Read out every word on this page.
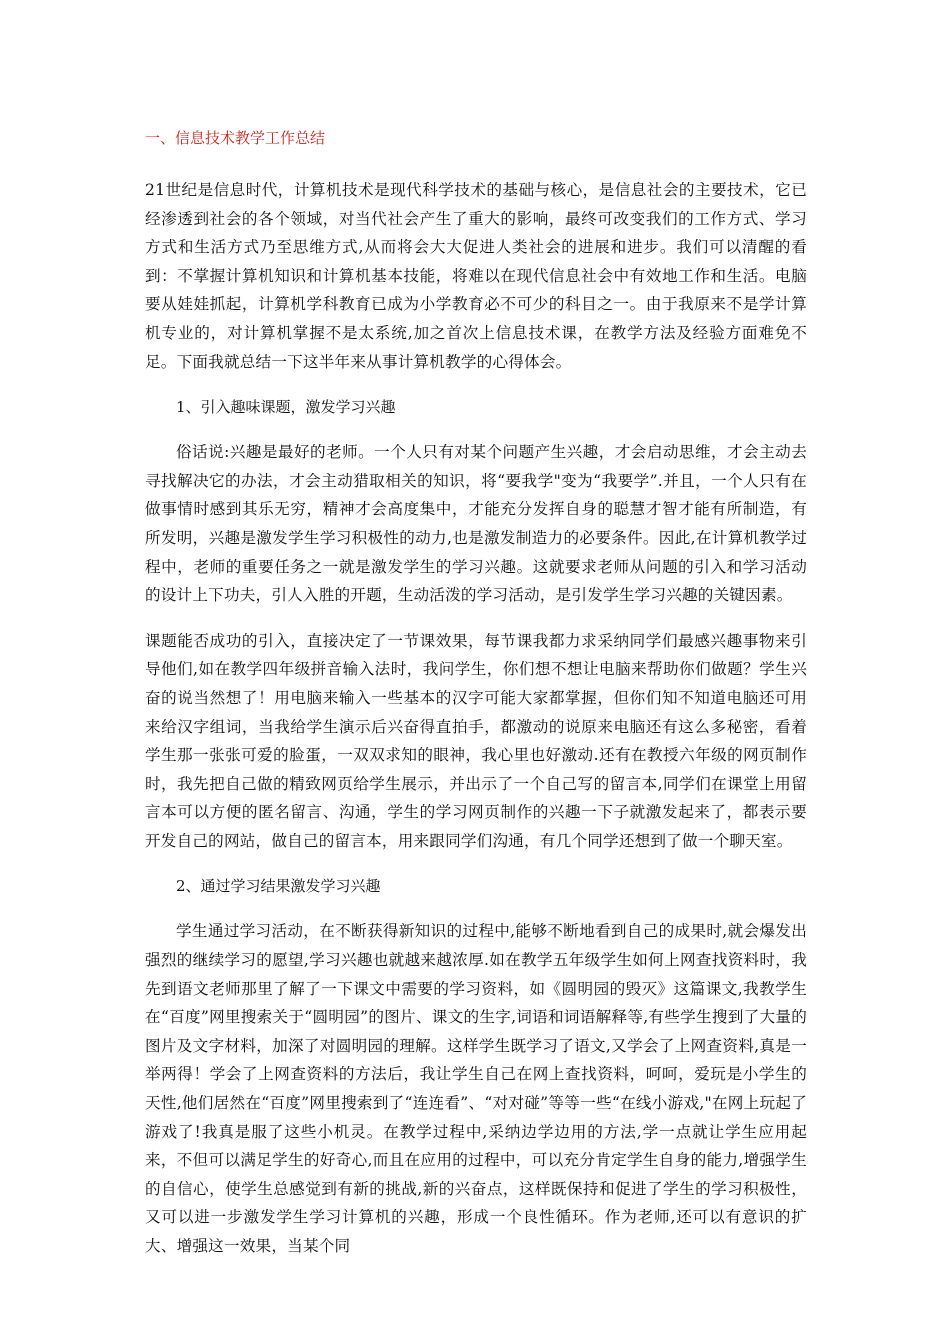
一、信息技术教学工作总结

21世纪是信息时代，计算机技术是现代科学技术的基础与核心，是信息社会的主要技术，它已经渗透到社会的各个领域，对当代社会产生了重大的影响，最终可改变我们的工作方式、学习方式和生活方式乃至思维方式,从而将会大大促进人类社会的进展和进步。我们可以清醒的看到：不掌握计算机知识和计算机基本技能，将难以在现代信息社会中有效地工作和生活。电脑要从娃娃抓起，计算机学科教育已成为小学教育必不可少的科目之一。由于我原来不是学计算机专业的，对计算机掌握不是太系统,加之首次上信息技术课，在教学方法及经验方面难免不足。下面我就总结一下这半年来从事计算机教学的心得体会。

1、引入趣味课题，激发学习兴趣

俗话说:兴趣是最好的老师。一个人只有对某个问题产生兴趣，才会启动思维，才会主动去寻找解决它的办法，才会主动猎取相关的知识，将“要我学"变为“我要学”.并且，一个人只有在做事情时感到其乐无穷，精神才会高度集中，才能充分发挥自身的聪慧才智才能有所制造，有所发明，兴趣是激发学生学习积极性的动力,也是激发制造力的必要条件。因此,在计算机教学过程中，老师的重要任务之一就是激发学生的学习兴趣。这就要求老师从问题的引入和学习活动的设计上下功夫，引人入胜的开题，生动活泼的学习活动，是引发学生学习兴趣的关键因素。

课题能否成功的引入，直接决定了一节课效果，每节课我都力求采纳同学们最感兴趣事物来引导他们,如在教学四年级拼音输入法时，我问学生，你们想不想让电脑来帮助你们做题？学生兴奋的说当然想了！用电脑来输入一些基本的汉字可能大家都掌握，但你们知不知道电脑还可用来给汉字组词，当我给学生演示后兴奋得直拍手，都激动的说原来电脑还有这么多秘密，看着学生那一张张可爱的脸蛋，一双双求知的眼神，我心里也好激动.还有在教授六年级的网页制作时，我先把自己做的精致网页给学生展示，并出示了一个自己写的留言本,同学们在课堂上用留言本可以方便的匿名留言、沟通，学生的学习网页制作的兴趣一下子就激发起来了，都表示要开发自己的网站，做自己的留言本，用来跟同学们沟通，有几个同学还想到了做一个聊天室。

2、通过学习结果激发学习兴趣

学生通过学习活动，在不断获得新知识的过程中,能够不断地看到自己的成果时,就会爆发出强烈的继续学习的愿望,学习兴趣也就越来越浓厚.如在教学五年级学生如何上网查找资料时，我先到语文老师那里了解了一下课文中需要的学习资料，如《圆明园的毁灭》这篇课文,我教学生在“百度”网里搜索关于“圆明园”的图片、课文的生字,词语和词语解释等,有些学生搜到了大量的图片及文字材料，加深了对圆明园的理解。这样学生既学习了语文,又学会了上网查资料,真是一举两得！学会了上网查资料的方法后，我让学生自己在网上查找资料，呵呵，爱玩是小学生的天性,他们居然在“百度”网里搜索到了“连连看”、“对对碰”等等一些“在线小游戏,"在网上玩起了游戏了!我真是服了这些小机灵。在教学过程中,采纳边学边用的方法,学一点就让学生应用起来，不但可以满足学生的好奇心,而且在应用的过程中，可以充分肯定学生自身的能力,增强学生的自信心，使学生总感觉到有新的挑战,新的兴奋点，这样既保持和促进了学生的学习积极性，又可以进一步激发学生学习计算机的兴趣，形成一个良性循环。作为老师,还可以有意识的扩大、增强这一效果，当某个同
